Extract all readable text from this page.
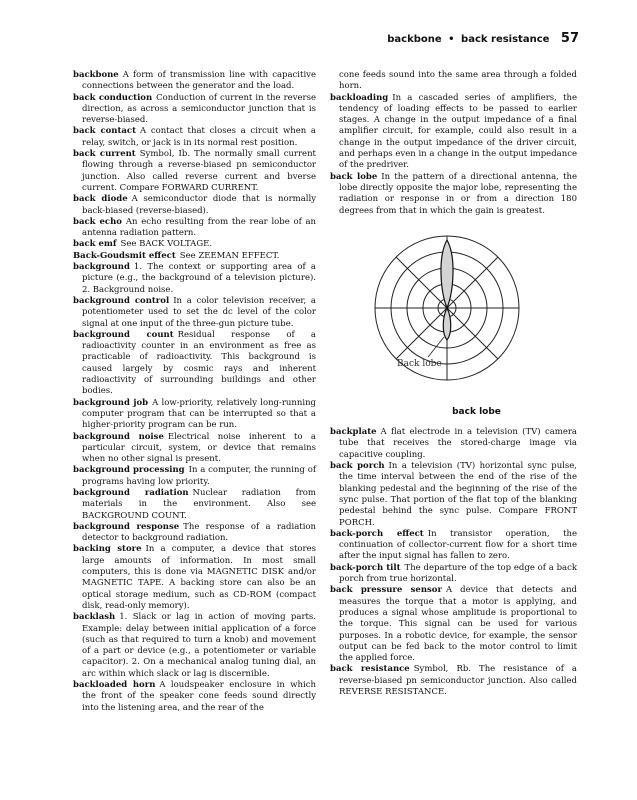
backbone • back resistance 57

backbone A form of transmission line with capacitive connections between the generator and the load.

back conduction Conduction of current in the reverse direction, as across a semiconductor junction that is reverse-biased.

back contact A contact that closes a circuit when a relay, switch, or jack is in its normal rest position.

back current Symbol, Ib. The normally small current flowing through a reverse-biased pn semiconductor junction. Also called reverse current and bverse current. Compare FORWARD CURRENT.

back diode A semiconductor diode that is normally back-biased (reverse-biased).

back echo An echo resulting from the rear lobe of an antenna radiation pattern.

back emf See BACK VOLTAGE.

Back-Goudsmit effect See ZEEMAN EFFECT.

background 1. The context or supporting area of a picture (e.g., the background of a television picture). 2. Background noise.

background control In a color television receiver, a potentiometer used to set the dc level of the color signal at one input of the three-gun picture tube.

background count Residual response of a radioactivity counter in an environment as free as practicable of radioactivity. This background is caused largely by cosmic rays and inherent radioactivity of surrounding buildings and other bodies.

background job A low-priority, relatively long-running computer program that can be interrupted so that a higher-priority program can be run.

background noise Electrical noise inherent to a particular circuit, system, or device that remains when no other signal is present.

background processing In a computer, the running of programs having low priority.

background radiation Nuclear radiation from materials in the environment. Also see BACKGROUND COUNT.

background response The response of a radiation detector to background radiation.

backing store In a computer, a device that stores large amounts of information. In most small computers, this is done via MAGNETIC DISK and/or MAGNETIC TAPE. A backing store can also be an optical storage medium, such as CD-ROM (compact disk, read-only memory).

backlash 1. Slack or lag in action of moving parts. Example: delay between initial application of a force (such as that required to turn a knob) and movement of a part or device (e.g., a potentiometer or variable capacitor). 2. On a mechanical analog tuning dial, an arc within which slack or lag is discernible.

backloaded horn A loudspeaker enclosure in which the front of the speaker cone feeds sound directly into the listening area, and the rear of the

cone feeds sound into the same area through a folded horn.

backloading In a cascaded series of amplifiers, the tendency of loading effects to be passed to earlier stages. A change in the output impedance of a final amplifier circuit, for example, could also result in a change in the output impedance of the driver circuit, and perhaps even in a change in the output impedance of the predriver.

back lobe In the pattern of a directional antenna, the lobe directly opposite the major lobe, representing the radiation or response in or from a direction 180 degrees from that in which the gain is greatest.

Back lobe
back lobe

backplate A flat electrode in a television (TV) camera tube that receives the stored-charge image via capacitive coupling.

back porch In a television (TV) horizontal sync pulse, the time interval between the end of the rise of the blanking pedestal and the beginning of the rise of the sync pulse. That portion of the flat top of the blanking pedestal behind the sync pulse. Compare FRONT PORCH.

back-porch effect In transistor operation, the continuation of collector-current flow for a short time after the input signal has fallen to zero.

back-porch tilt The departure of the top edge of a back porch from true horizontal.

back pressure sensor A device that detects and measures the torque that a motor is applying, and produces a signal whose amplitude is proportional to the torque. This signal can be used for various purposes. In a robotic device, for example, the sensor output can be fed back to the motor control to limit the applied force.

back resistance Symbol, Rb. The resistance of a reverse-biased pn semiconductor junction. Also called REVERSE RESISTANCE.
